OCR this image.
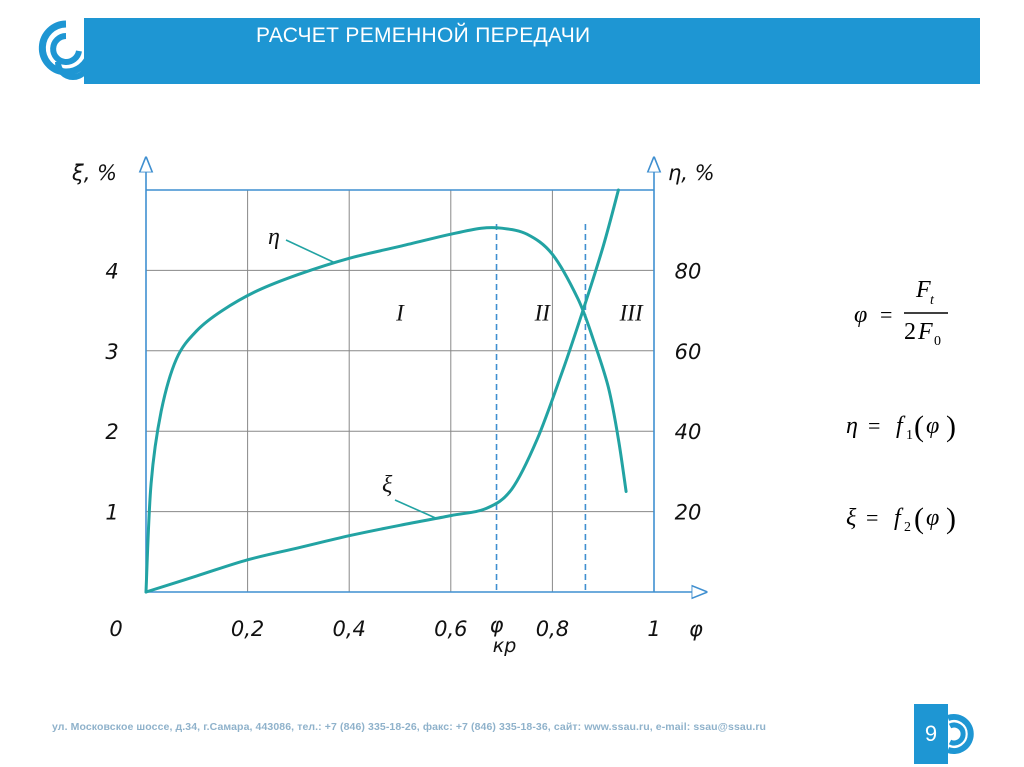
РАСЧЕТ РЕМЕННОЙ ПЕРЕДАЧИ
ξ, %	η, %
φ
0	0,2	0,4	0,6	0,8	1
1
2
3
4
20
40
60
80
φ
кр
I	II	III
η
ξ
φ =
F t
2 F 0
η = f 1 ( φ )
ξ = f 2 ( φ )
ул. Московское шоссе, д.34, г.Самара, 443086, тел.: +7 (846) 335-18-26, факс: +7 (846) 335-18-36, сайт: www.ssau.ru, e-mail: ssau@ssau.ru	9
